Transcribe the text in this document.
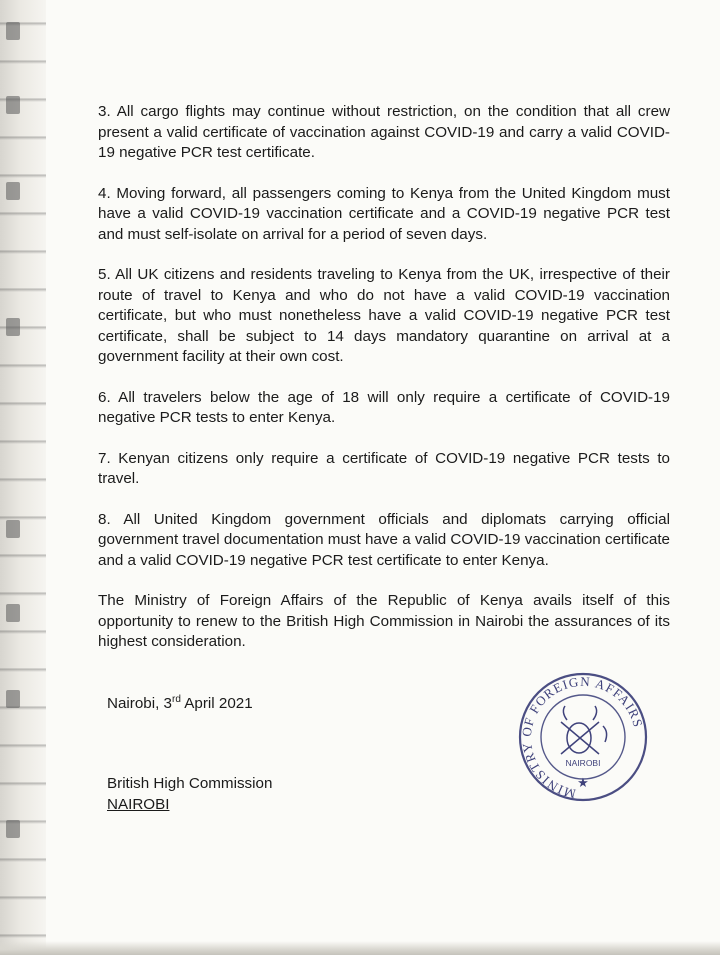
3. All cargo flights may continue without restriction, on the condition that all crew present a valid certificate of vaccination against COVID-19 and carry a valid COVID-19 negative PCR test certificate.

4. Moving forward, all passengers coming to Kenya from the United Kingdom must have a valid COVID-19 vaccination certificate and a COVID-19 negative PCR test and must self-isolate on arrival for a period of seven days.

5. All UK citizens and residents traveling to Kenya from the UK, irrespective of their route of travel to Kenya and who do not have a valid COVID-19 vaccination certificate, but who must nonetheless have a valid COVID-19 negative PCR test certificate, shall be subject to 14 days mandatory quarantine on arrival at a government facility at their own cost.

6. All travelers below the age of 18 will only require a certificate of COVID-19 negative PCR tests to enter Kenya.

7. Kenyan citizens only require a certificate of COVID-19 negative PCR tests to travel.

8. All United Kingdom government officials and diplomats carrying official government travel documentation must have a valid COVID-19 vaccination certificate and a valid COVID-19 negative PCR test certificate to enter Kenya.

The Ministry of Foreign Affairs of the Republic of Kenya avails itself of this opportunity to renew to the British High Commission in Nairobi the assurances of its highest consideration.

Nairobi, 3rd April 2021
British High Commission
NAIROBI
MINISTRY OF FOREIGN AFFAIRS
NAIROBI
★
